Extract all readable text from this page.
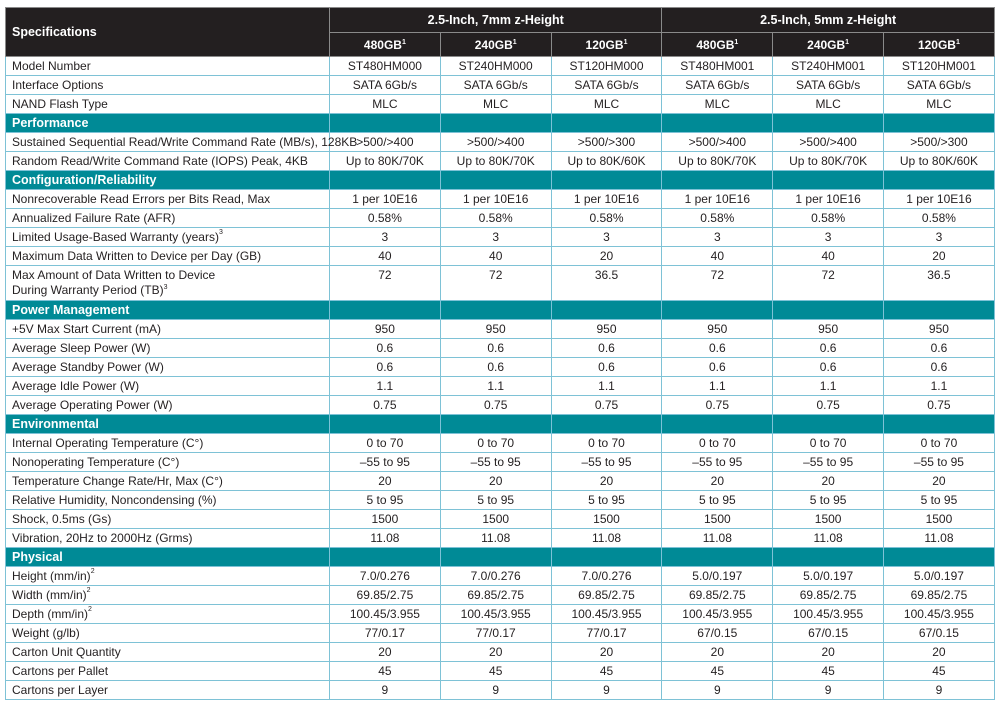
Specifications	2.5-Inch, 7mm z-Height			2.5-Inch, 5mm z-Height		
	$480GB^1$	$240GB^1$	$120GB^1$	$480GB^1$	$240GB^1$	$120GB^1$
Model Number	ST480HM000	ST240HM000	ST120HM000	ST480HM001	ST240HM001	ST120HM001
Interface Options	SATA 6Gb/s	SATA 6Gb/s	SATA 6Gb/s	SATA 6Gb/s	SATA 6Gb/s	SATA 6Gb/s
NAND Flash Type	MLC	MLC	MLC	MLC	MLC	MLC
Performance						
Sustained Sequential Read/Write Command Rate (MB/s), 128KB	>500/>400	>500/>400	>500/>300	>500/>400	>500/>400	>500/>300
Random Read/Write Command Rate (IOPS) Peak, 4KB	Up to 80K/70K	Up to 80K/70K	Up to 80K/60K	Up to 80K/70K	Up to 80K/70K	Up to 80K/60K
Configuration/Reliability						
Nonrecoverable Read Errors per Bits Read, Max	1 per 10E16	1 per 10E16	1 per 10E16	1 per 10E16	1 per 10E16	1 per 10E16
Annualized Failure Rate (AFR)	0.58%	0.58%	0.58%	0.58%	0.58%	0.58%
Limited Usage-Based Warranty (years)$^3$	3	3	3	3	3	3
Maximum Data Written to Device per Day (GB)	40	40	20	40	40	20
Max Amount of Data Written to Device
During Warranty Period (TB)$^3$	72	72	36.5	72	72	36.5
Power Management						
+5V Max Start Current (mA)	950	950	950	950	950	950
Average Sleep Power (W)	0.6	0.6	0.6	0.6	0.6	0.6
Average Standby Power (W)	0.6	0.6	0.6	0.6	0.6	0.6
Average Idle Power (W)	1.1	1.1	1.1	1.1	1.1	1.1
Average Operating Power (W)	0.75	0.75	0.75	0.75	0.75	0.75
Environmental						
Internal Operating Temperature (C°)	0 to 70	0 to 70	0 to 70	0 to 70	0 to 70	0 to 70
Nonoperating Temperature (C°)	–55 to 95	–55 to 95	–55 to 95	–55 to 95	–55 to 95	–55 to 95
Temperature Change Rate/Hr, Max (C°)	20	20	20	20	20	20
Relative Humidity, Noncondensing (%)	5 to 95	5 to 95	5 to 95	5 to 95	5 to 95	5 to 95
Shock, 0.5ms (Gs)	1500	1500	1500	1500	1500	1500
Vibration, 20Hz to 2000Hz (Grms)	11.08	11.08	11.08	11.08	11.08	11.08
Physical						
Height $(mm/in)^2$	7.0/0.276	7.0/0.276	7.0/0.276	5.0/0.197	5.0/0.197	5.0/0.197
Width $(mm/in)^2$	69.85/2.75	69.85/2.75	69.85/2.75	69.85/2.75	69.85/2.75	69.85/2.75
Depth $(mm/in)^2$	100.45/3.955	100.45/3.955	100.45/3.955	100.45/3.955	100.45/3.955	100.45/3.955
Weight (g/lb)	77/0.17	77/0.17	77/0.17	67/0.15	67/0.15	67/0.15
Carton Unit Quantity	20	20	20	20	20	20
Cartons per Pallet	45	45	45	45	45	45
Cartons per Layer	9	9	9	9	9	9
